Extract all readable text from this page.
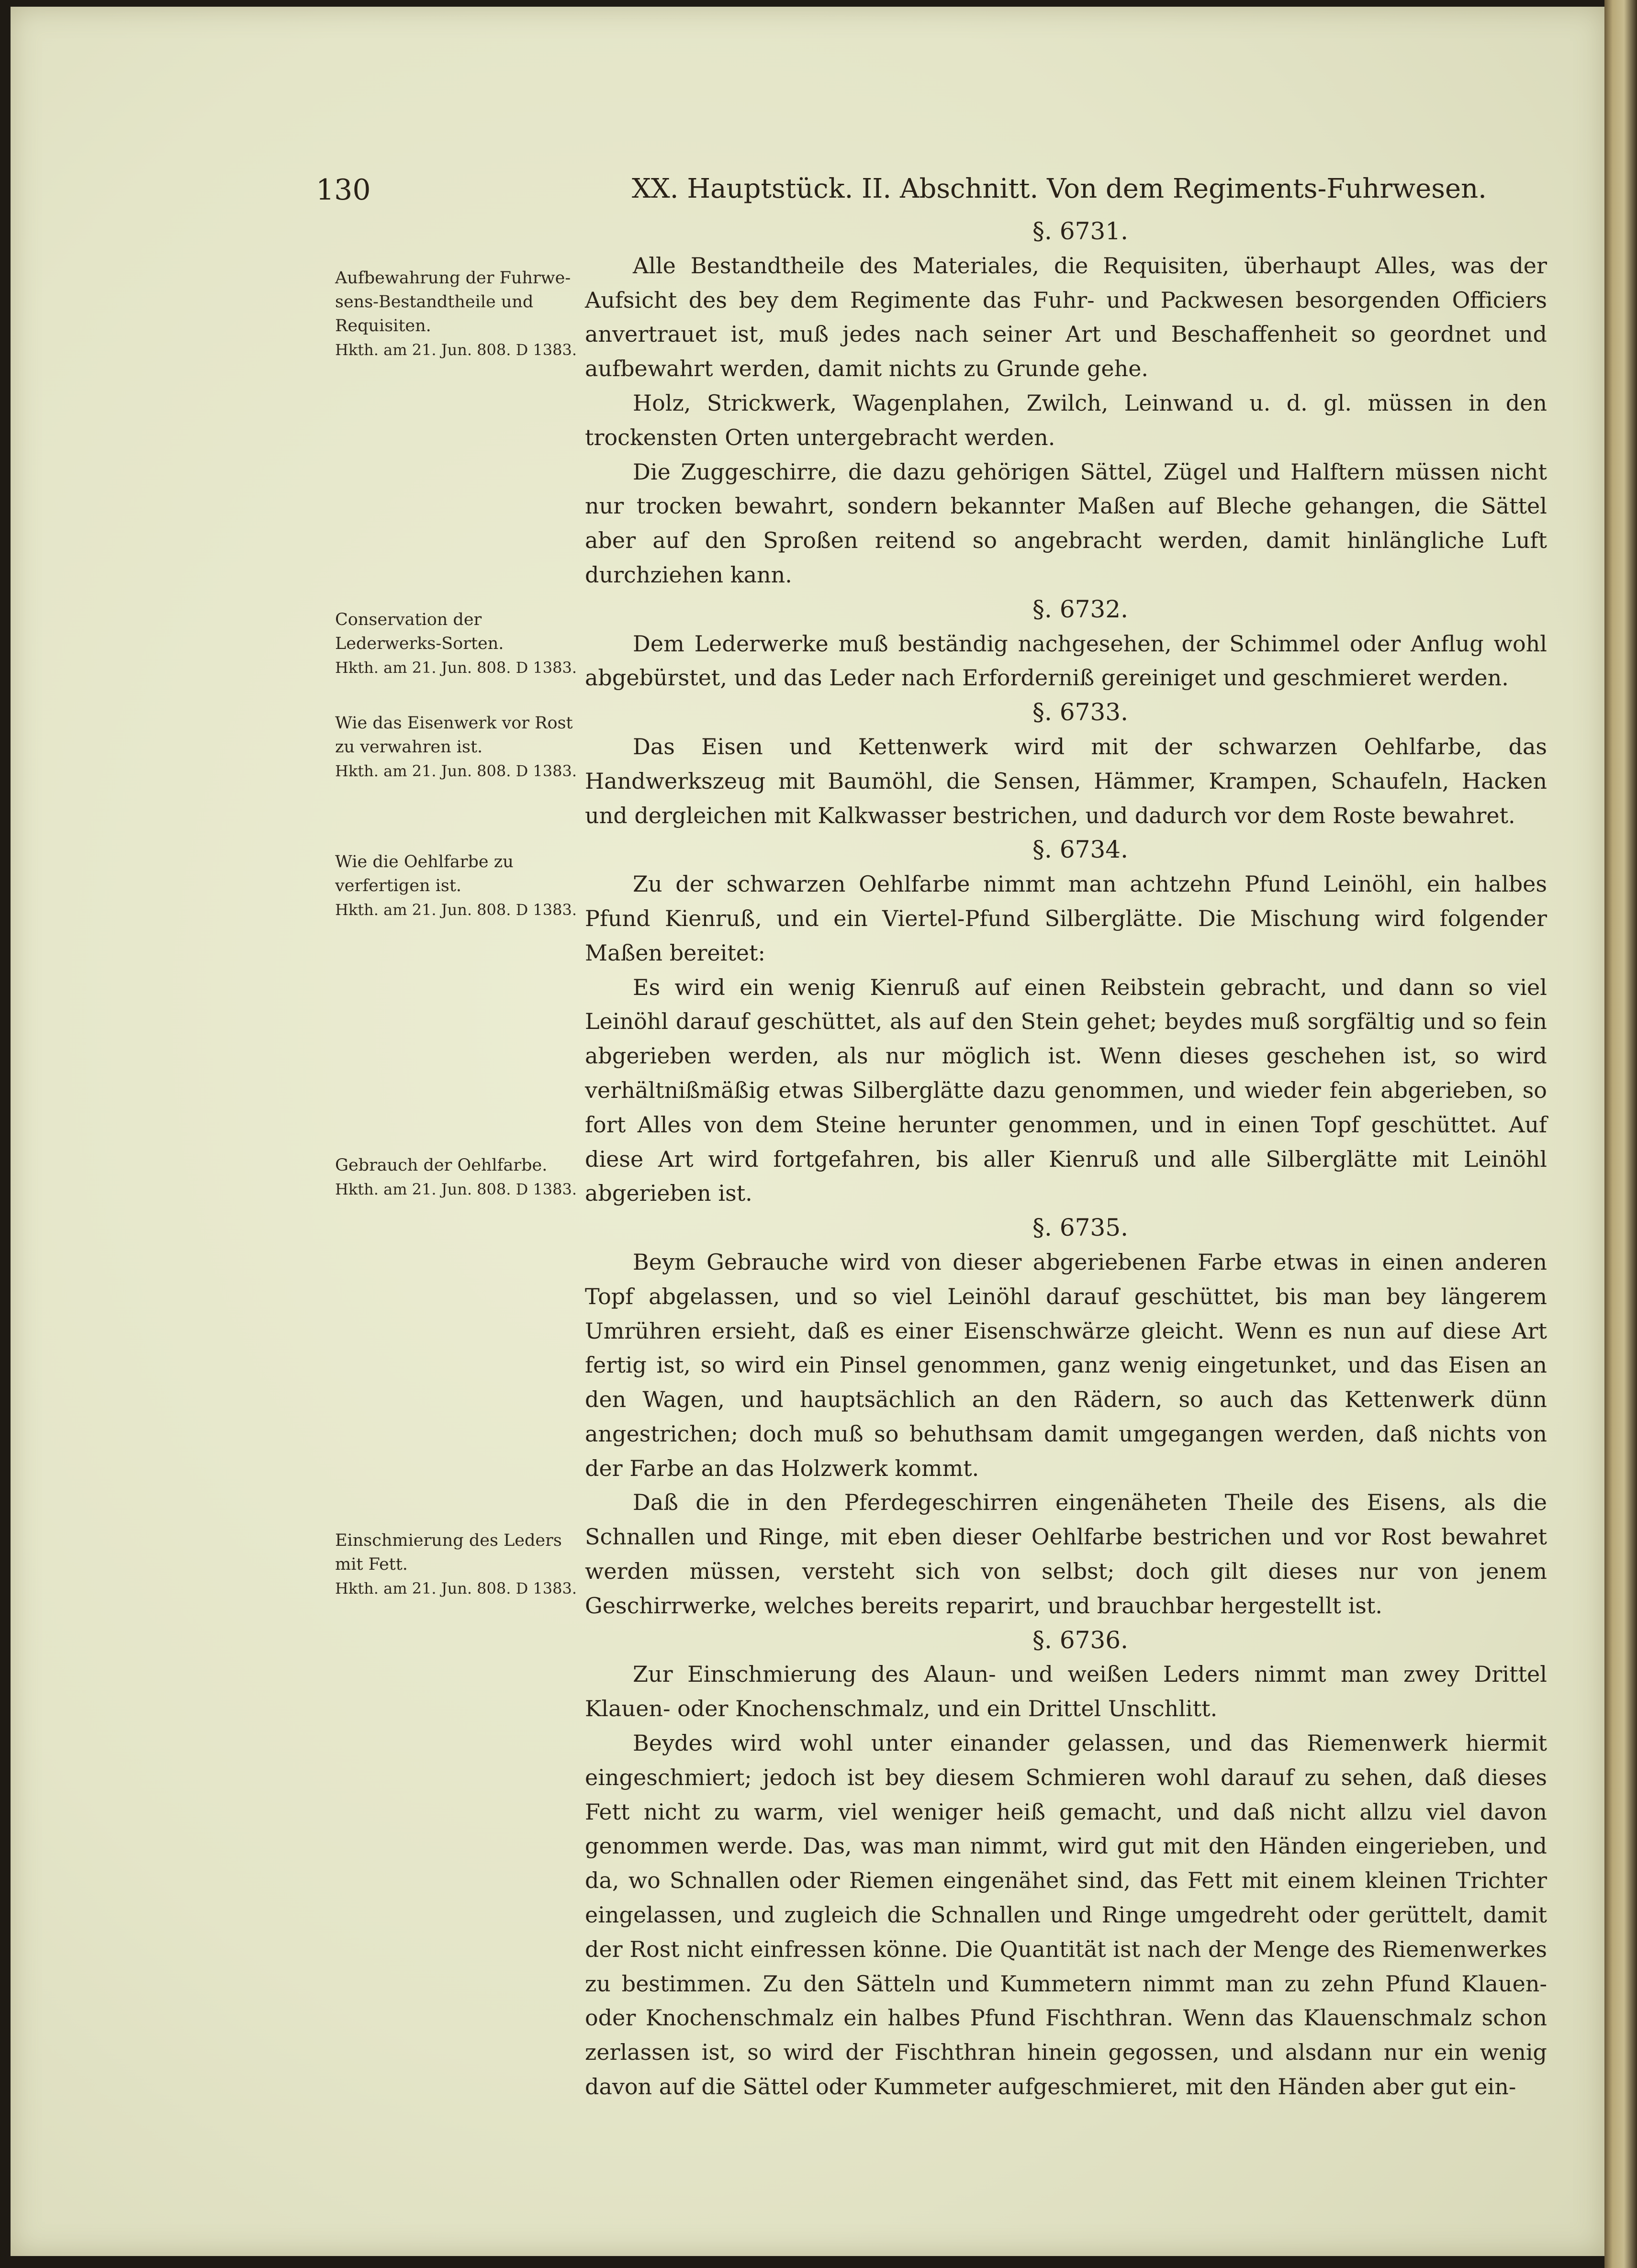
130	XX. Hauptstück. II. Abschnitt. Von dem Regiments-Fuhrwesen.
Aufbewahrung der Fuhrwesens-Bestandtheile und Requisiten.
Hkth. am 21. Jun. 808. D 1383.
Conservation der Lederwerks-Sorten.
Hkth. am 21. Jun. 808. D 1383.
Wie das Eisenwerk vor Rost zu verwahren ist.
Hkth. am 21. Jun. 808. D 1383.
Wie die Oehlfarbe zu verfertigen ist.
Hkth. am 21. Jun. 808. D 1383.
Gebrauch der Oehlfarbe.
Hkth. am 21. Jun. 808. D 1383.
Einschmierung des Leders mit Fett.
Hkth. am 21. Jun. 808. D 1383.

§. 6731.

Alle Bestandtheile des Materiales, die Requisiten, überhaupt Alles, was der Aufsicht des bey dem Regimente das Fuhr- und Packwesen besorgenden Officiers anvertrauet ist, muß jedes nach seiner Art und Beschaffenheit so geordnet und aufbewahrt werden, damit nichts zu Grunde gehe.

Holz, Strickwerk, Wagenplahen, Zwilch, Leinwand u. d. gl. müssen in den trockensten Orten untergebracht werden.

Die Zuggeschirre, die dazu gehörigen Sättel, Zügel und Halftern müssen nicht nur trocken bewahrt, sondern bekannter Maßen auf Bleche gehangen, die Sättel aber auf den Sproßen reitend so angebracht werden, damit hinlängliche Luft durchziehen kann.

§. 6732.

Dem Lederwerke muß beständig nachgesehen, der Schimmel oder Anflug wohl abgebürstet, und das Leder nach Erforderniß gereiniget und geschmieret werden.

§. 6733.

Das Eisen und Kettenwerk wird mit der schwarzen Oehlfarbe, das Handwerkszeug mit Baumöhl, die Sensen, Hämmer, Krampen, Schaufeln, Hacken und dergleichen mit Kalkwasser bestrichen, und dadurch vor dem Roste bewahret.

§. 6734.

Zu der schwarzen Oehlfarbe nimmt man achtzehn Pfund Leinöhl, ein halbes Pfund Kienruß, und ein Viertel-Pfund Silberglätte. Die Mischung wird folgender Maßen bereitet:

Es wird ein wenig Kienruß auf einen Reibstein gebracht, und dann so viel Leinöhl darauf geschüttet, als auf den Stein gehet; beydes muß sorgfältig und so fein abgerieben werden, als nur möglich ist. Wenn dieses geschehen ist, so wird verhältnißmäßig etwas Silberglätte dazu genommen, und wieder fein abgerieben, so fort Alles von dem Steine herunter genommen, und in einen Topf geschüttet. Auf diese Art wird fortgefahren, bis aller Kienruß und alle Silberglätte mit Leinöhl abgerieben ist.

§. 6735.

Beym Gebrauche wird von dieser abgeriebenen Farbe etwas in einen anderen Topf abgelassen, und so viel Leinöhl darauf geschüttet, bis man bey längerem Umrühren ersieht, daß es einer Eisenschwärze gleicht. Wenn es nun auf diese Art fertig ist, so wird ein Pinsel genommen, ganz wenig eingetunket, und das Eisen an den Wagen, und hauptsächlich an den Rädern, so auch das Kettenwerk dünn angestrichen; doch muß so behuthsam damit umgegangen werden, daß nichts von der Farbe an das Holzwerk kommt.

Daß die in den Pferdegeschirren eingenäheten Theile des Eisens, als die Schnallen und Ringe, mit eben dieser Oehlfarbe bestrichen und vor Rost bewahret werden müssen, versteht sich von selbst; doch gilt dieses nur von jenem Geschirrwerke, welches bereits reparirt, und brauchbar hergestellt ist.

§. 6736.

Zur Einschmierung des Alaun- und weißen Leders nimmt man zwey Drittel Klauen- oder Knochenschmalz, und ein Drittel Unschlitt.

Beydes wird wohl unter einander gelassen, und das Riemenwerk hiermit eingeschmiert; jedoch ist bey diesem Schmieren wohl darauf zu sehen, daß dieses Fett nicht zu warm, viel weniger heiß gemacht, und daß nicht allzu viel davon genommen werde. Das, was man nimmt, wird gut mit den Händen eingerieben, und da, wo Schnallen oder Riemen eingenähet sind, das Fett mit einem kleinen Trichter eingelassen, und zugleich die Schnallen und Ringe umgedreht oder gerüttelt, damit der Rost nicht einfressen könne. Die Quantität ist nach der Menge des Riemenwerkes zu bestimmen. Zu den Sätteln und Kummetern nimmt man zu zehn Pfund Klauen- oder Knochenschmalz ein halbes Pfund Fischthran. Wenn das Klauenschmalz schon zerlassen ist, so wird der Fischthran hinein gegossen, und alsdann nur ein wenig davon auf die Sättel oder Kummeter aufgeschmieret, mit den Händen aber gut ein-
